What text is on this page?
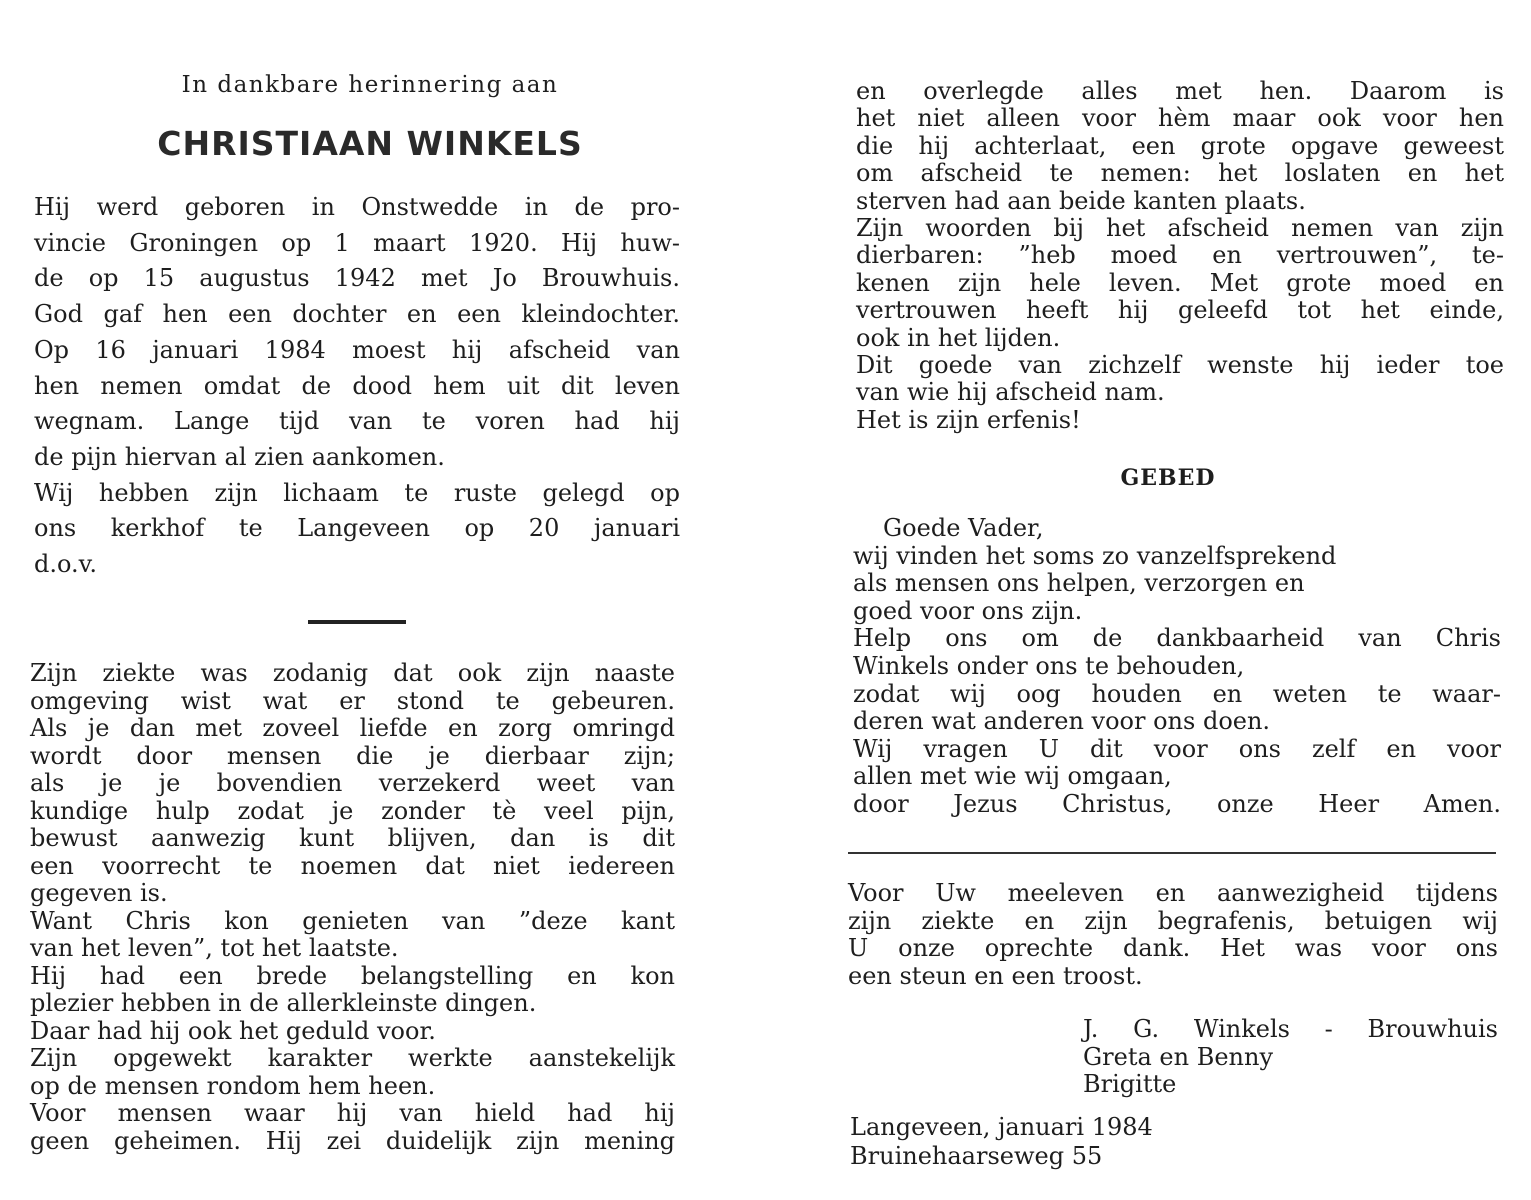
In dankbare herinnering aan
CHRISTIAAN WINKELS
Hij werd geboren in Onstwedde in de pro-
vincie Groningen op 1 maart 1920. Hij huw-
de op 15 augustus 1942 met Jo Brouwhuis.
God gaf hen een dochter en een kleindochter.
Op 16 januari 1984 moest hij afscheid van
hen nemen omdat de dood hem uit dit leven
wegnam. Lange tijd van te voren had hij
de pijn hiervan al zien aankomen.
Wij hebben zijn lichaam te ruste gelegd op
ons kerkhof te Langeveen op 20 januari
d.o.v.
Zijn ziekte was zodanig dat ook zijn naaste
omgeving wist wat er stond te gebeuren.
Als je dan met zoveel liefde en zorg omringd
wordt door mensen die je dierbaar zijn;
als je je bovendien verzekerd weet van
kundige hulp zodat je zonder tè veel pijn,
bewust aanwezig kunt blijven, dan is dit
een voorrecht te noemen dat niet iedereen
gegeven is.
Want Chris kon genieten van ”deze kant
van het leven”, tot het laatste.
Hij had een brede belangstelling en kon
plezier hebben in de allerkleinste dingen.
Daar had hij ook het geduld voor.
Zijn opgewekt karakter werkte aanstekelijk
op de mensen rondom hem heen.
Voor mensen waar hij van hield had hij
geen geheimen. Hij zei duidelijk zijn mening
en overlegde alles met hen. Daarom is
het niet alleen voor hèm maar ook voor hen
die hij achterlaat, een grote opgave geweest
om afscheid te nemen: het loslaten en het
sterven had aan beide kanten plaats.
Zijn woorden bij het afscheid nemen van zijn
dierbaren: ”heb moed en vertrouwen”, te-
kenen zijn hele leven. Met grote moed en
vertrouwen heeft hij geleefd tot het einde,
ook in het lijden.
Dit goede van zichzelf wenste hij ieder toe
van wie hij afscheid nam.
Het is zijn erfenis!
GEBED
Goede Vader,
wij vinden het soms zo vanzelfsprekend
als mensen ons helpen, verzorgen en
goed voor ons zijn.
Help ons om de dankbaarheid van Chris
Winkels onder ons te behouden,
zodat wij oog houden en weten te waar-
deren wat anderen voor ons doen.
Wij vragen U dit voor ons zelf en voor
allen met wie wij omgaan,
door Jezus Christus, onze Heer Amen.
Voor Uw meeleven en aanwezigheid tijdens
zijn ziekte en zijn begrafenis, betuigen wij
U onze oprechte dank. Het was voor ons
een steun en een troost.
J. G. Winkels - Brouwhuis
Greta en Benny
Brigitte
Langeveen, januari 1984
Bruinehaarseweg 55
